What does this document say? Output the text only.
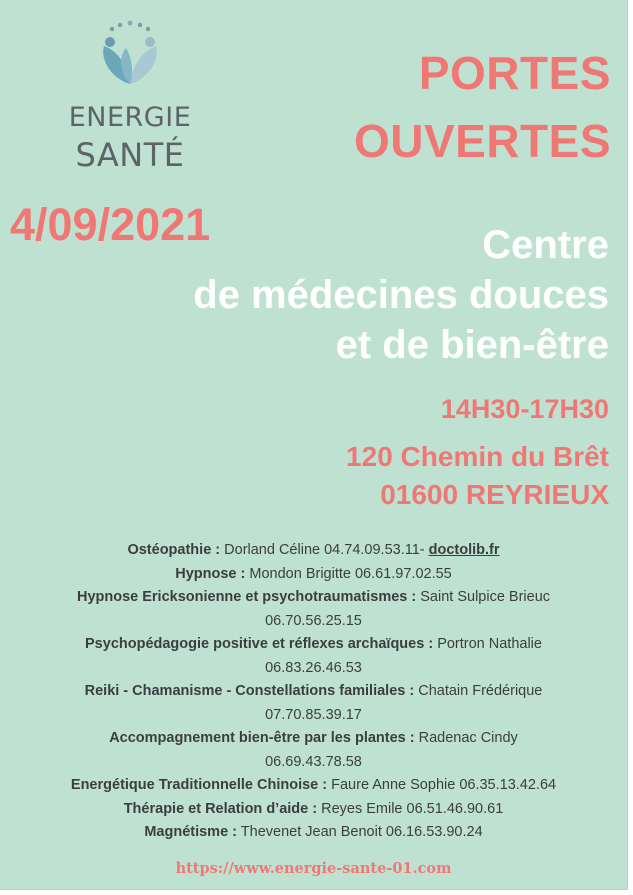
ENERGIE
SANTÉ
PORTES
OUVERTES
4/09/2021	Centre
de médecines douces
et de bien-être
14H30-17H30
120 Chemin du Brêt
01600 REYRIEUX
Ostéopathie : Dorland Céline 04.74.09.53.11- doctolib.fr
Hypnose : Mondon Brigitte 06.61.97.02.55
Hypnose Ericksonienne et psychotraumatismes : Saint Sulpice Brieuc
06.70.56.25.15
Psychopédagogie positive et réflexes archaïques : Portron Nathalie
06.83.26.46.53
Reiki - Chamanisme - Constellations familiales : Chatain Frédérique
07.70.85.39.17
Accompagnement bien-être par les plantes : Radenac Cindy
06.69.43.78.58
Energétique Traditionnelle Chinoise : Faure Anne Sophie 06.35.13.42.64
Thérapie et Relation d’aide : Reyes Emile 06.51.46.90.61
Magnétisme : Thevenet Jean Benoit 06.16.53.90.24
https://www.energie-sante-01.com
